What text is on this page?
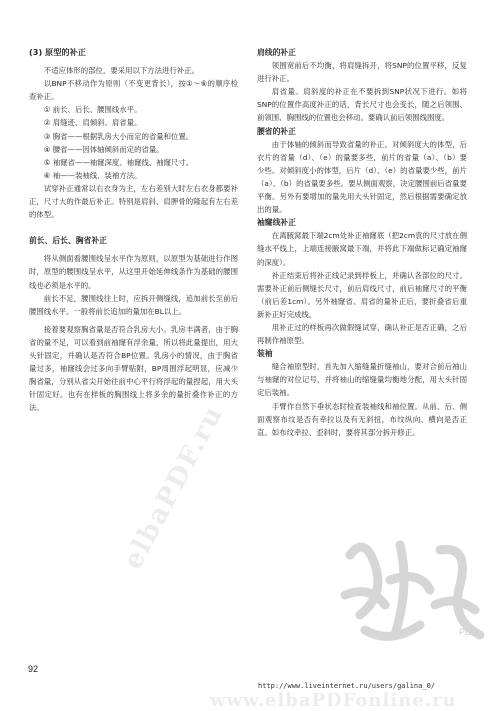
elbaPDF.ru
www.elbaPDFonline.ru
PDG

(3) 原型的补正

不适应体形的部位，要采用以下方法进行补正。

以BNP不移动作为原则（不变更背长），按①～⑥的顺序检查补正。

① 前长、后长、腰围线水平。

② 肩缝迹、肩倾斜、肩省量。

③ 胸省——根据乳房大小而定的省量和位置。

④ 腰省——因体轴倾斜而定的省量。

⑤ 袖窿省——袖窿深度、袖窿线、袖窿尺寸。

⑥ 袖——装袖线、装袖方法。

试穿补正通常以右衣身为主，左右差别大时左右衣身都要补正，尺寸大的作最后补正。特别是肩斜、肩胛骨的隆起有左右差的体型。

前长、后长、胸省补正

将从侧面看腰围线呈水平作为原则，以原型为基础进行作图时，原型的腰围线呈水平，从这里开始延伸线条作为基础的腰围线也必须是水平的。

前长不足，腰围线往上时，应拆开侧缝线，追加前长至前后腰围线水平。一般将前长追加的量加在BL以上。

接着要观察胸省量是否符合乳房大小。乳房丰满者，由于胸省的量不足，可以看到前袖窿有浮余量，所以将此量提出，用大头针固定，并确认是否符合BP位置。乳房小的情况，由于胸省量过多，袖窿线会过多向手臂贴附，BP周围浮起明显，应减少胸省量，分别从省尖开始往前中心平行将浮起的量捏起，用大头针固定好。也有在样板的胸围线上将多余的量折叠作补正的方法。

肩线的补正

领围宽前后不均衡，将肩缝拆开，将SNP的位置平移，反复进行补正。

肩省量。肩斜度的补正在不要拆到SNP状况下进行。如将SNP的位置作高度补正的话，背长尺寸也会变长，随之后领围、前领围、胸围线的位置也会移动。要确认前后领围线围度。

腰省的补正

由于体轴的倾斜而导致省量的补正。对倾斜度大的体型，后衣片的省量（d）、（e）的量要多些，前片的省量（a）、（b）要少些。对倾斜度小的体型，后片（d）、（e）的省量要少些，前片（a）、（b）的省量要多些。要从侧面观察，决定腰围前后省量要平衡。另外有要增加的量先用大头针固定，然后根据需要确定放出的量。

袖窿线补正

在离腋窝最下端2cm处补正袖窿底（把2cm袁的尺寸放在侧缝水平线上，上端连接腋窝最下端，并将此下端做标记确定袖窿的深度）。

补正结束后将补正线记录到样板上，并确认各部位的尺寸。需要补正前后侧缝长尺寸，前后肩线尺寸，前后袖窿尺寸的平衡（前后差1cm）。另外袖窿省、肩省的量补正后，要折叠省后重新补正好完成线。

用补正过的样板再次做假缝试穿，确认补正是否正确，之后再制作袖原型。

装袖

缝合袖原型时，首先加入缩缝量折缝袖山，要对合前后袖山与袖窿的对位记号，并将袖山的缩缝量均衡地分配，用大头针固定后装袖。

手臂作自然下垂状态时检查装袖线和袖位置。从前、后、侧面观察布纹是否有牵拉以及有无斜扭，布纹纵向、横向是否正直。如布纹牵拉、歪斜时，要将其部分拆开修正。

92
http://www.liveinternet.ru/users/galina_0/
